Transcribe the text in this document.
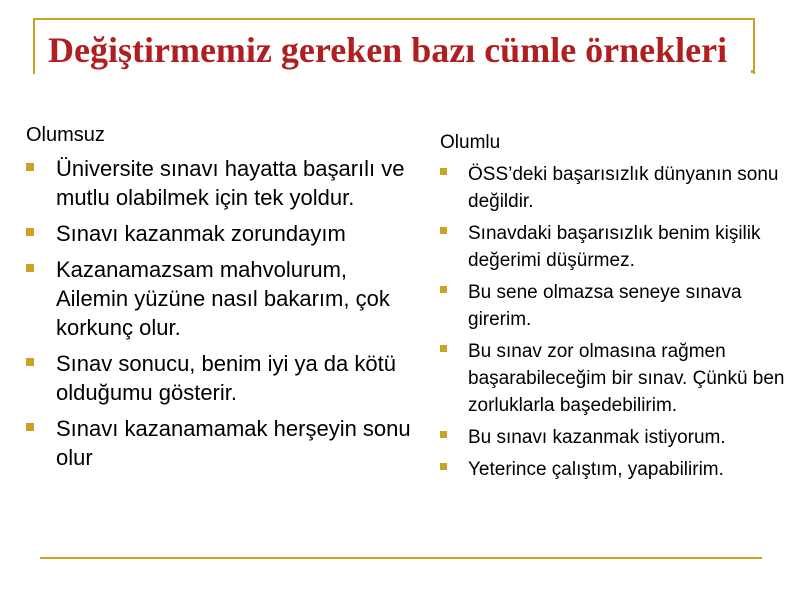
Değiştirmemiz gereken bazı cümle örnekleri
Olumsuz
Üniversite sınavı hayatta başarılı ve mutlu olabilmek için tek yoldur.
Sınavı kazanmak zorundayım
Kazanamazsam mahvolurum, Ailemin yüzüne nasıl bakarım, çok korkunç olur.
Sınav sonucu, benim iyi ya da kötü olduğumu gösterir.
Sınavı kazanamamak herşeyin sonu olur
Olumlu
ÖSS’deki başarısızlık dünyanın sonu değildir.
Sınavdaki başarısızlık benim kişilik değerimi düşürmez.
Bu sene olmazsa seneye sınava girerim.
Bu sınav zor olmasına rağmen başarabileceğim bir sınav. Çünkü ben zorluklarla başedebilirim.
Bu sınavı kazanmak istiyorum.
Yeterince çalıştım, yapabilirim.
